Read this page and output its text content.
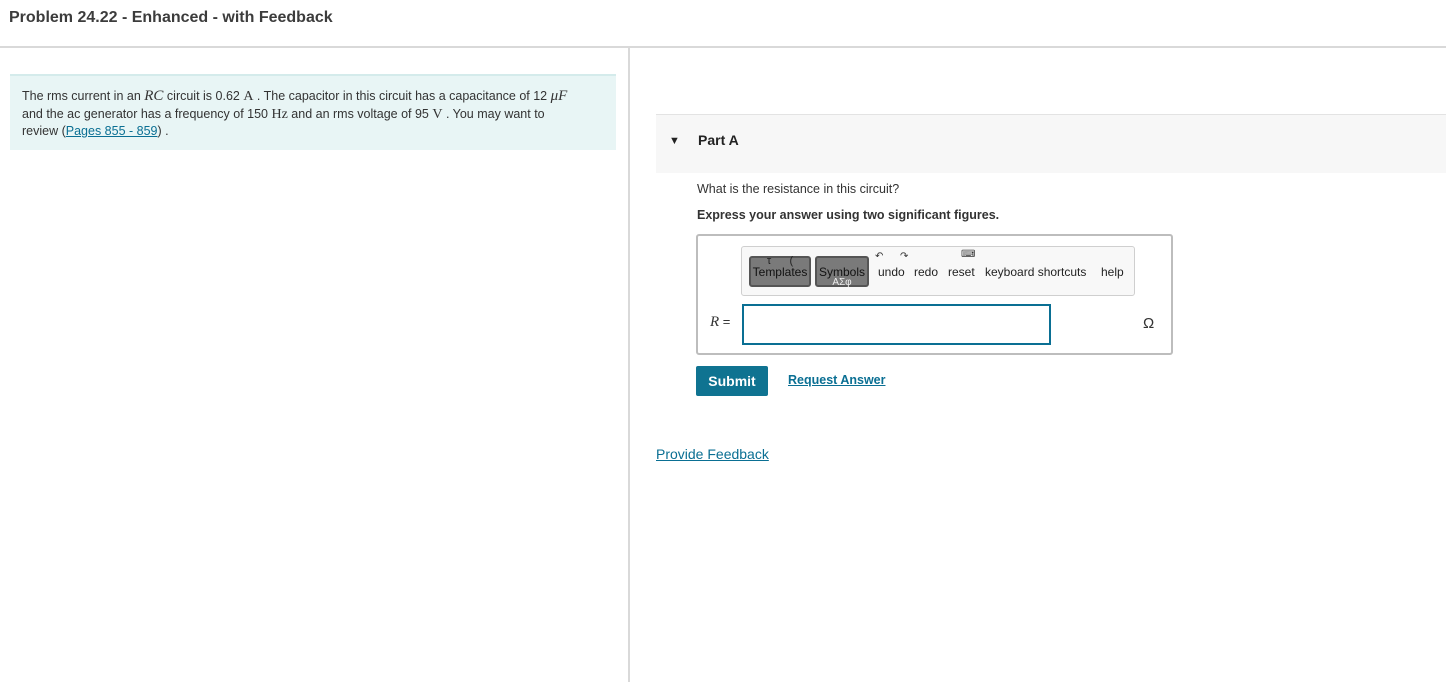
Problem 24.22 - Enhanced - with Feedback
The rms current in an RC circuit is 0.62 A . The capacitor in this circuit has a capacitance of 12 μF
and the ac generator has a frequency of 150 Hz and an rms voltage of 95 V . You may want to
review (Pages 855 - 859) .
▼ Part A
What is the resistance in this circuit?
Express your answer using two significant figures.
τ      (
Templates Symbols
ΑΣφ
↶
undo
↷
redo
⌨
reset keyboard shortcuts help
R =	Ω
Submit	Request Answer
Provide Feedback
